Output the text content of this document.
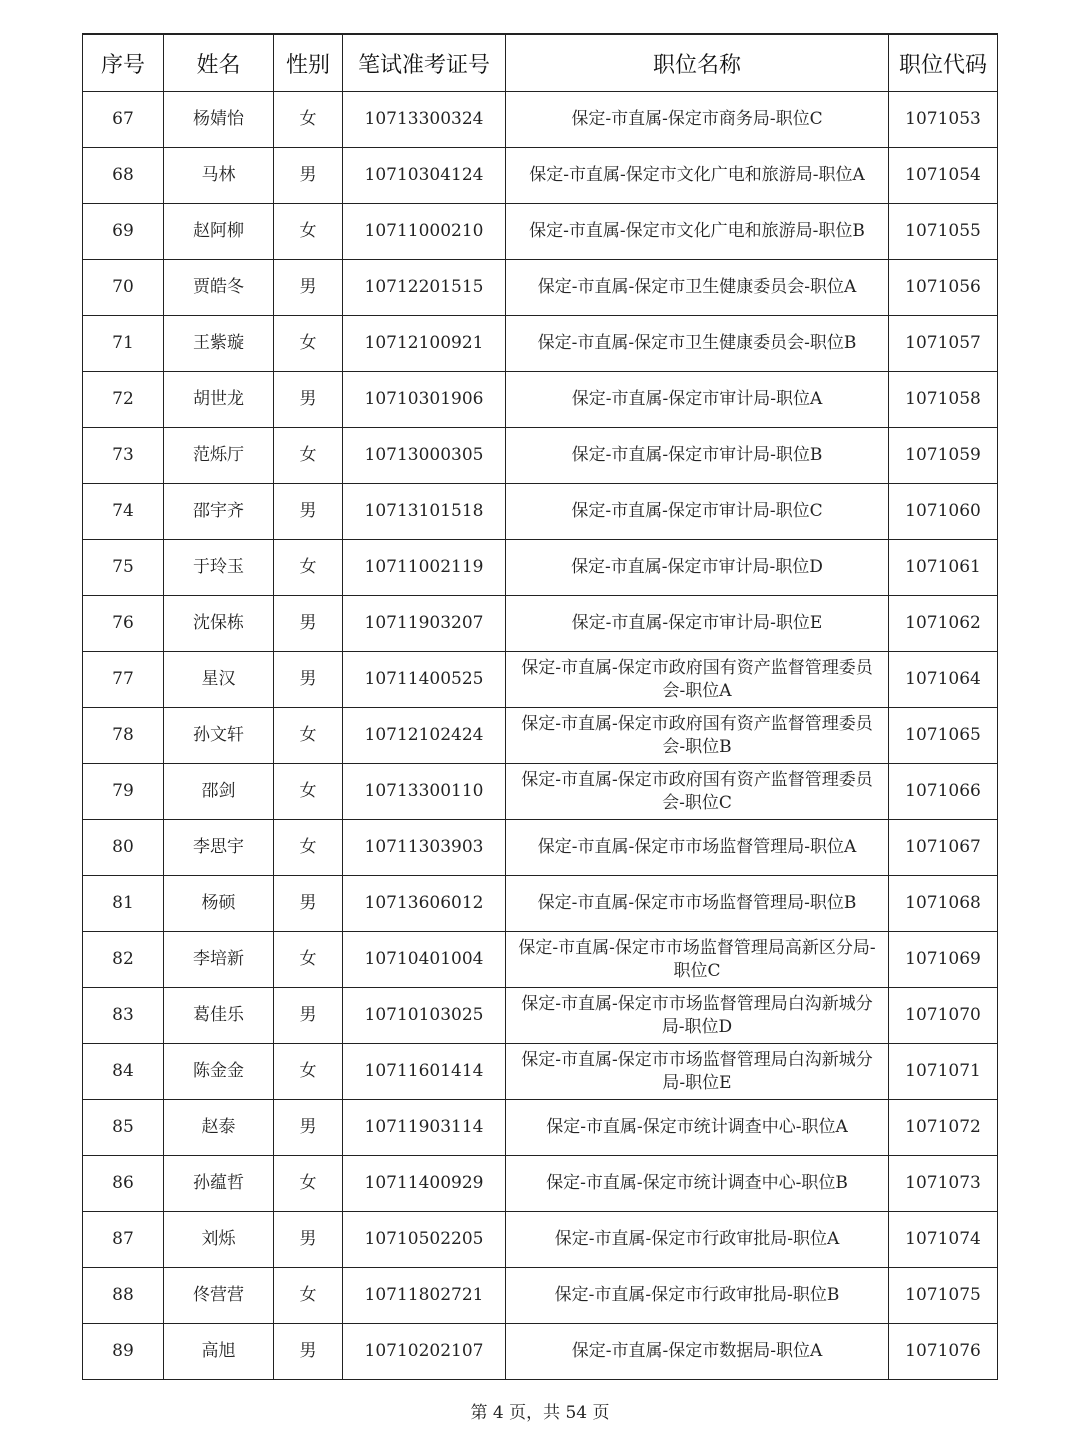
序号	姓名	性别	笔试准考证号	职位名称	职位代码
67	杨婧怡	女	10713300324	保定-市直属-保定市商务局-职位C	1071053
68	马林	男	10710304124	保定-市直属-保定市文化广电和旅游局-职位A	1071054
69	赵阿柳	女	10711000210	保定-市直属-保定市文化广电和旅游局-职位B	1071055
70	贾皓冬	男	10712201515	保定-市直属-保定市卫生健康委员会-职位A	1071056
71	王紫璇	女	10712100921	保定-市直属-保定市卫生健康委员会-职位B	1071057
72	胡世龙	男	10710301906	保定-市直属-保定市审计局-职位A	1071058
73	范烁厅	女	10713000305	保定-市直属-保定市审计局-职位B	1071059
74	邵宇齐	男	10713101518	保定-市直属-保定市审计局-职位C	1071060
75	于玲玉	女	10711002119	保定-市直属-保定市审计局-职位D	1071061
76	沈保栋	男	10711903207	保定-市直属-保定市审计局-职位E	1071062
77	星汉	男	10711400525	保定-市直属-保定市政府国有资产监督管理委员会-职位A	1071064
78	孙文轩	女	10712102424	保定-市直属-保定市政府国有资产监督管理委员会-职位B	1071065
79	邵剑	女	10713300110	保定-市直属-保定市政府国有资产监督管理委员会-职位C	1071066
80	李思宇	女	10711303903	保定-市直属-保定市市场监督管理局-职位A	1071067
81	杨硕	男	10713606012	保定-市直属-保定市市场监督管理局-职位B	1071068
82	李培新	女	10710401004	保定-市直属-保定市市场监督管理局高新区分局-职位C	1071069
83	葛佳乐	男	10710103025	保定-市直属-保定市市场监督管理局白沟新城分局-职位D	1071070
84	陈金金	女	10711601414	保定-市直属-保定市市场监督管理局白沟新城分局-职位E	1071071
85	赵泰	男	10711903114	保定-市直属-保定市统计调查中心-职位A	1071072
86	孙蕴哲	女	10711400929	保定-市直属-保定市统计调查中心-职位B	1071073
87	刘烁	男	10710502205	保定-市直属-保定市行政审批局-职位A	1071074
88	佟营营	女	10711802721	保定-市直属-保定市行政审批局-职位B	1071075
89	高旭	男	10710202107	保定-市直属-保定市数据局-职位A	1071076
第 4 页，共 54 页
